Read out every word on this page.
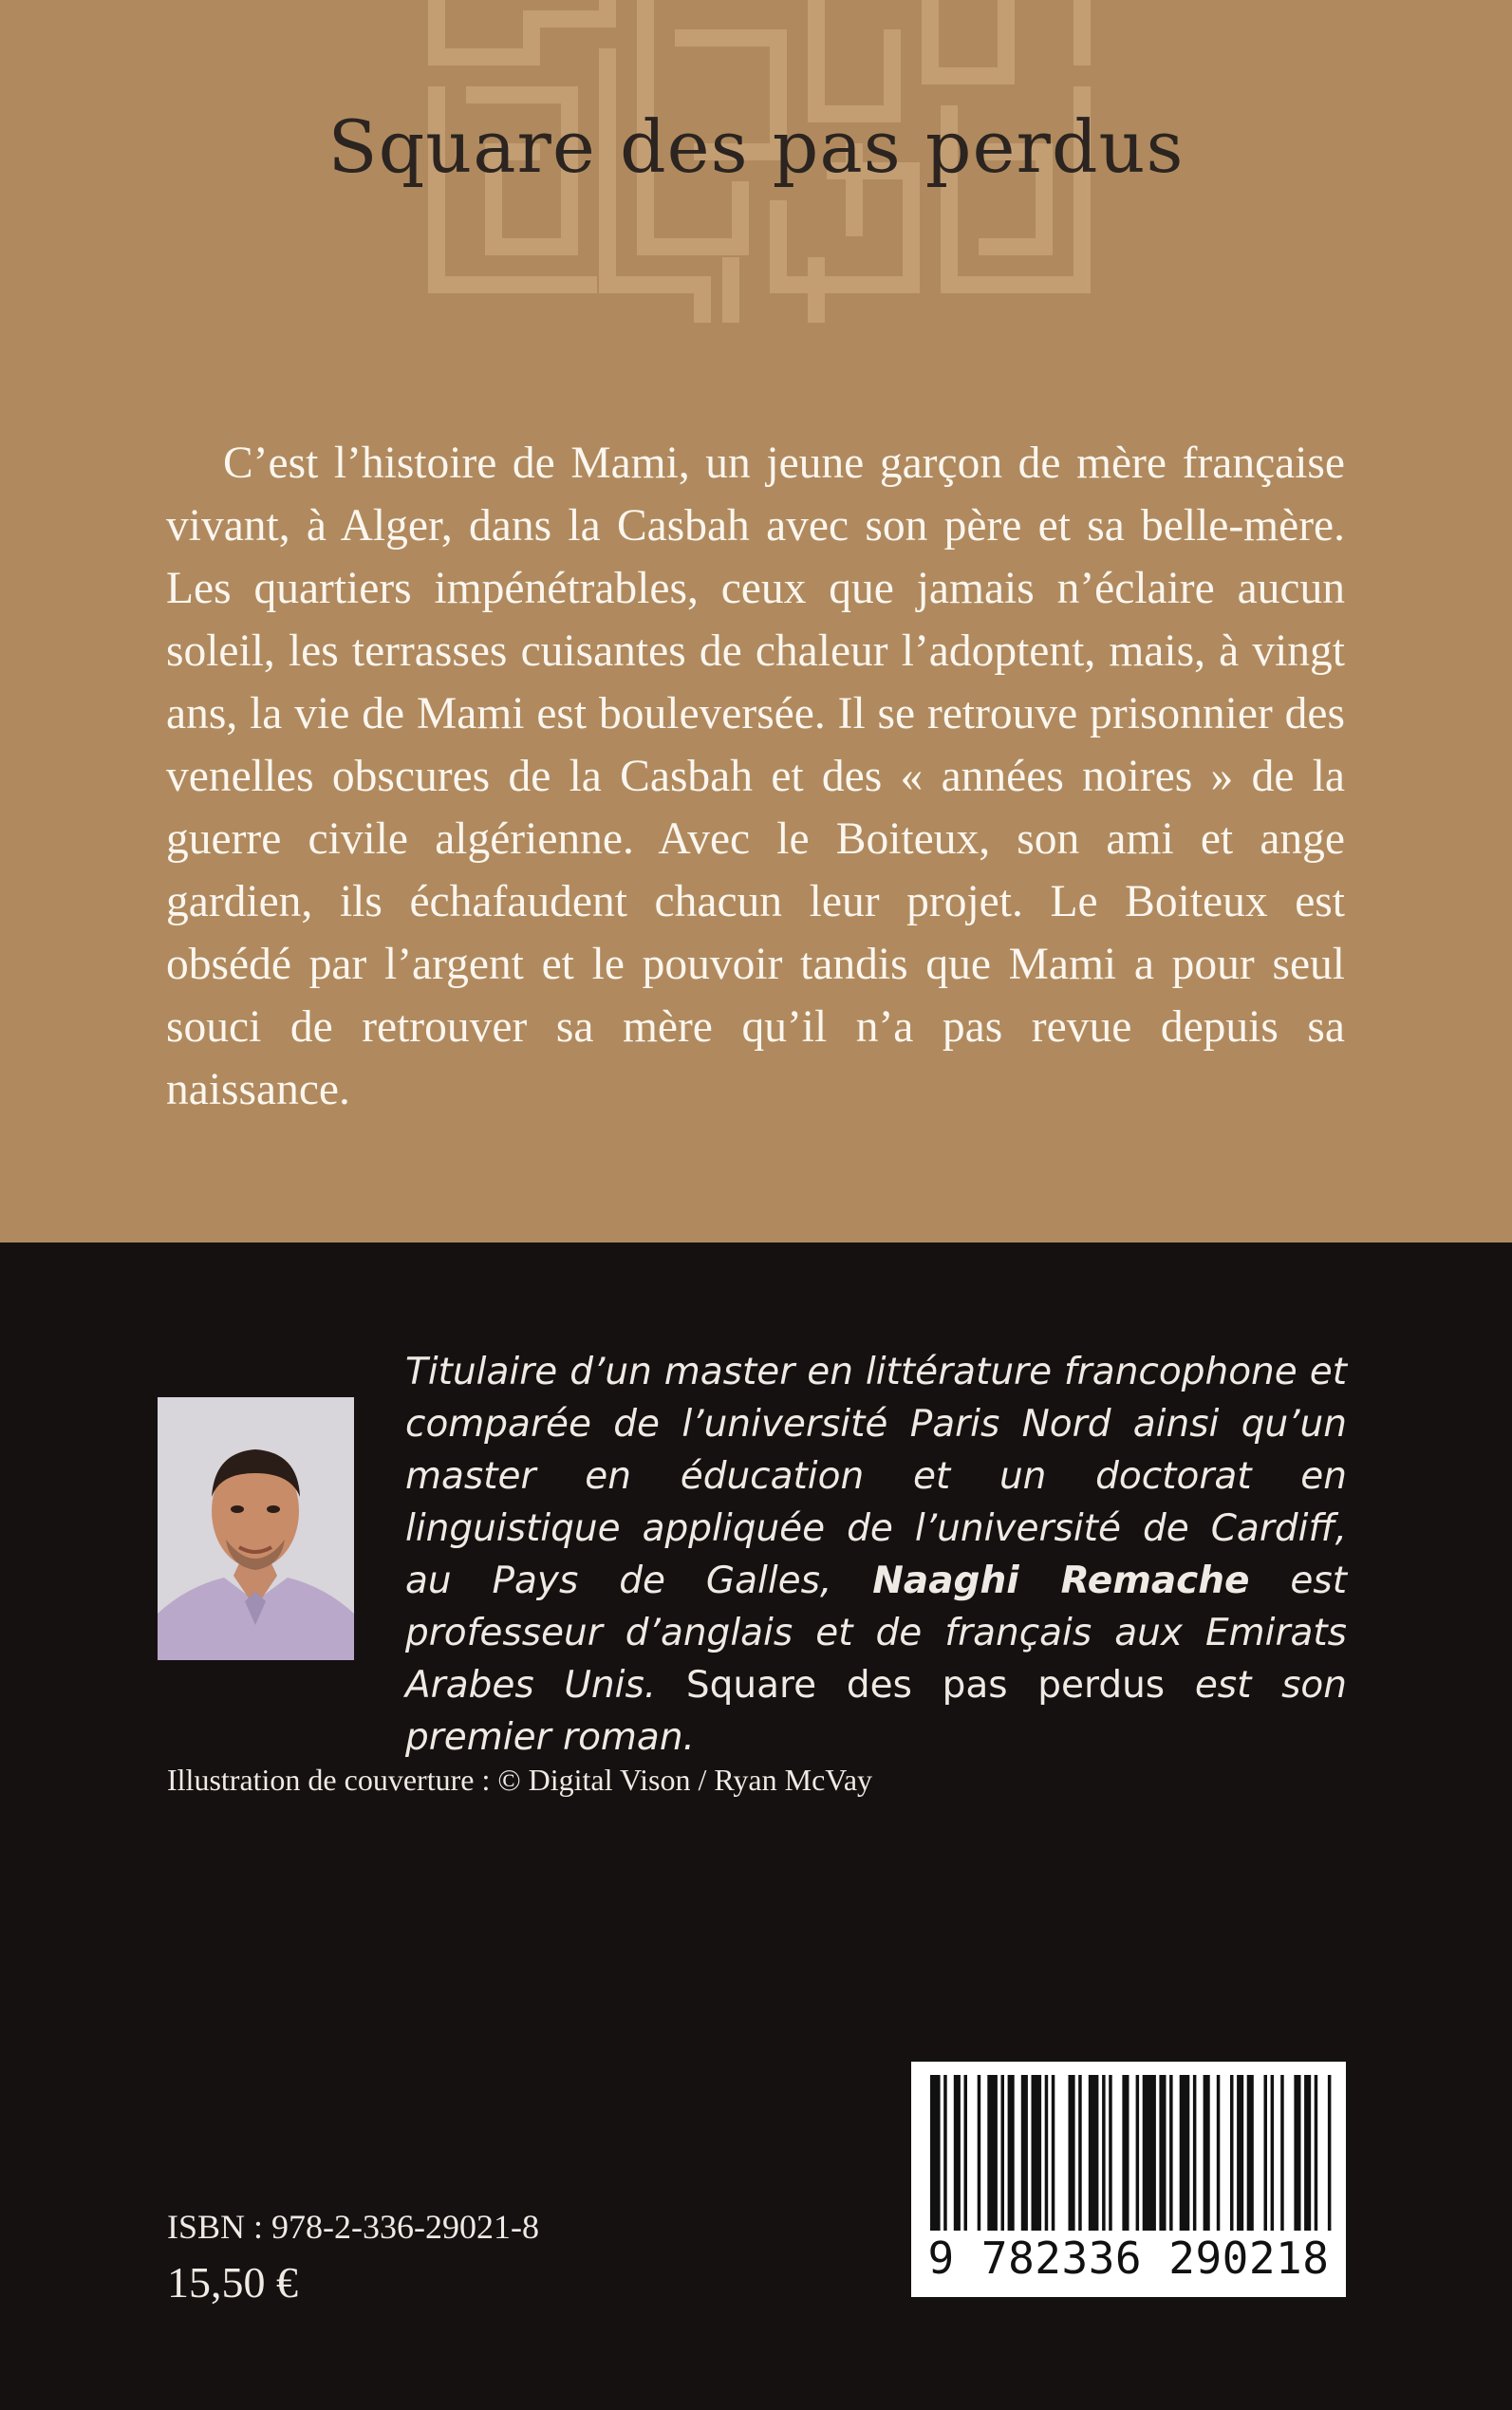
Square des pas perdus

C’est l’histoire de Mami, un jeune garçon de mère française vivant, à Alger, dans la Casbah avec son père et sa belle-mère. Les quartiers impénétrables, ceux que jamais n’éclaire aucun soleil, les terrasses cuisantes de chaleur l’adoptent, mais, à vingt ans, la vie de Mami est bouleversée. Il se retrouve prisonnier des venelles obscures de la Casbah et des « années noires » de la guerre civile algérienne. Avec le Boiteux, son ami et ange gardien, ils échafaudent chacun leur projet. Le Boiteux est obsédé par l’argent et le pouvoir tandis que Mami a pour seul souci de retrouver sa mère qu’il n’a pas revue depuis sa naissance.

Titulaire d’un master en littérature francophone et comparée de l’université Paris Nord ainsi qu’un master en éducation et un doctorat en linguistique appliquée de l’université de Cardiff, au Pays de Galles, Naaghi Remache est professeur d’anglais et de français aux Emirats Arabes Unis. Square des pas perdus est son premier roman.

Illustration de couverture : © Digital Vison / Ryan McVay

9 782336 290218

ISBN : 978-2-336-29021-8

15,50 €
